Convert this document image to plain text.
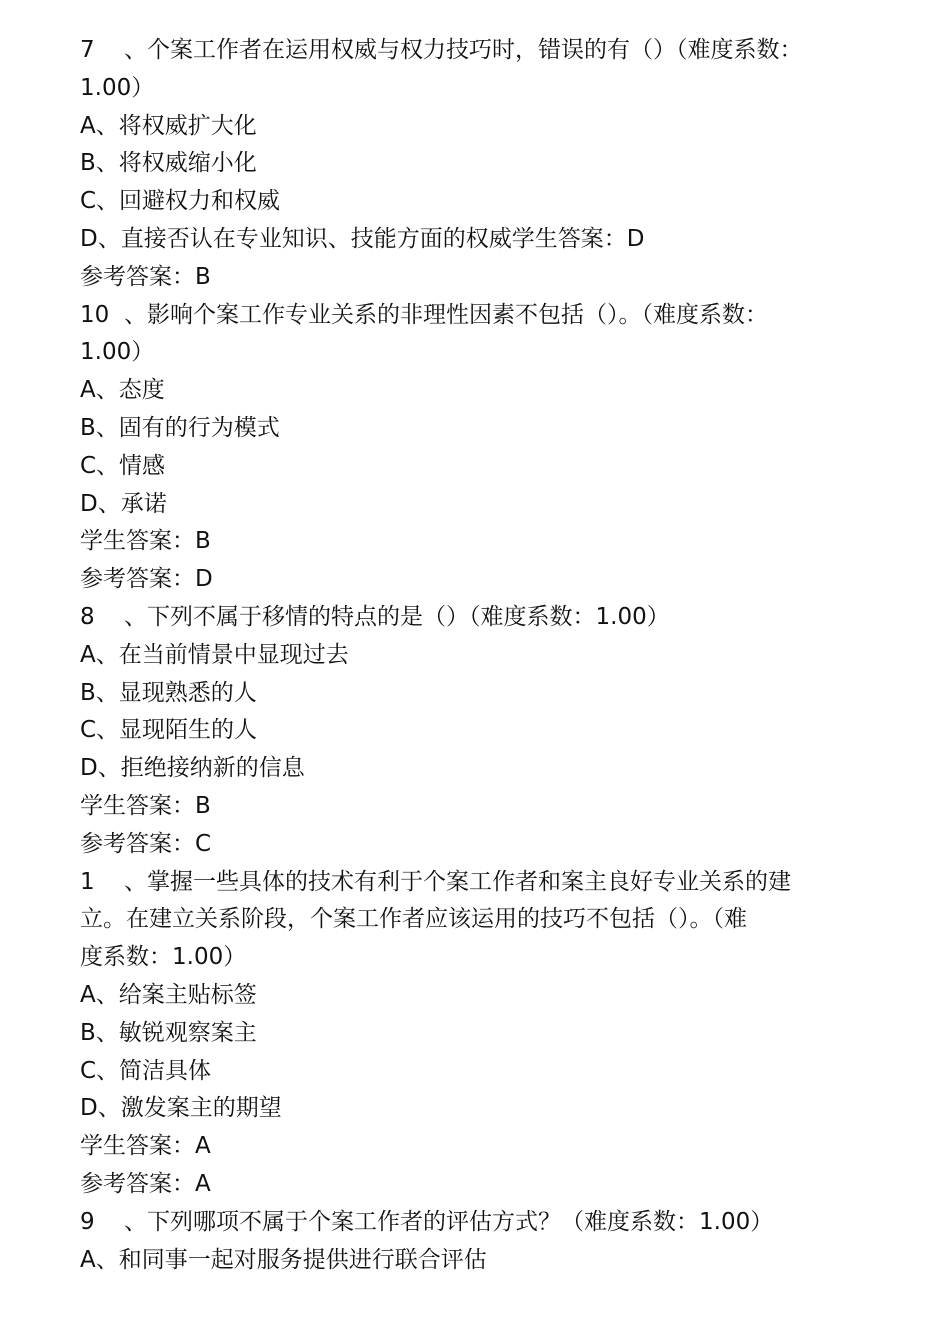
7 、个案工作者在运用权威与权力技巧时，错误的有（）（难度系数：

1.00）

A、将权威扩大化

B、将权威缩小化

C、回避权力和权威

D、直接否认在专业知识、技能方面的权威学生答案：D

参考答案：B

10 、影响个案工作专业关系的非理性因素不包括（）。（难度系数：

1.00）

A、态度

B、固有的行为模式

C、情感

D、承诺

学生答案：B

参考答案：D

8 、下列不属于移情的特点的是（）（难度系数：1.00）

A、在当前情景中显现过去

B、显现熟悉的人

C、显现陌生的人

D、拒绝接纳新的信息

学生答案：B

参考答案：C

1 、掌握一些具体的技术有利于个案工作者和案主良好专业关系的建

立。在建立关系阶段，个案工作者应该运用的技巧不包括（）。（难

度系数：1.00）

A、给案主贴标签

B、敏锐观察案主

C、简洁具体

D、激发案主的期望

学生答案：A

参考答案：A

9 、下列哪项不属于个案工作者的评估方式？（难度系数：1.00）

A、和同事一起对服务提供进行联合评估
